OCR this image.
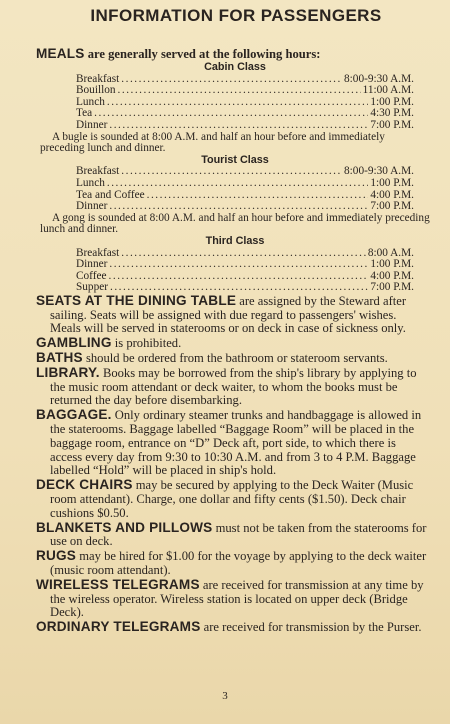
INFORMATION FOR PASSENGERS

MEALS are generally served at the following hours:

Cabin Class
Breakfast .....	8:00-9:30 A.M.
Bouillon .....	11:00 A.M.
Lunch .....	1:00 P.M.
Tea .....	4:30 P.M.
Dinner .....	7:00 P.M.

A bugle is sounded at 8:00 A.M. and half an hour before and immediately preceding lunch and dinner.

Tourist Class
Breakfast .....	8:00-9:30 A.M.
Lunch .....	1:00 P.M.
Tea and Coffee .....	4:00 P.M.
Dinner .....	7:00 P.M.

A gong is sounded at 8:00 A.M. and half an hour before and immediately preceding lunch and dinner.

Third Class
Breakfast .....	8:00 A.M.
Dinner .....	1:00 P.M.
Coffee .....	4:00 P.M.
Supper .....	7:00 P.M.

SEATS AT THE DINING TABLE are assigned by the Steward after sailing. Seats will be assigned with due regard to passengers' wishes. Meals will be served in staterooms or on deck in case of sickness only.

GAMBLING is prohibited.

BATHS should be ordered from the bathroom or stateroom servants.

LIBRARY. Books may be borrowed from the ship's library by applying to the music room attendant or deck waiter, to whom the books must be returned the day before disembarking.

BAGGAGE. Only ordinary steamer trunks and handbaggage is allowed in the staterooms. Baggage labelled “Baggage Room” will be placed in the baggage room, entrance on “D” Deck aft, port side, to which there is access every day from 9:30 to 10:30 A.M. and from 3 to 4 P.M. Baggage labelled “Hold” will be placed in ship's hold.

DECK CHAIRS may be secured by applying to the Deck Waiter (Music room attendant). Charge, one dollar and fifty cents ($1.50). Deck chair cushions $0.50.

BLANKETS AND PILLOWS must not be taken from the staterooms for use on deck.

RUGS may be hired for $1.00 for the voyage by applying to the deck waiter (music room attendant).

WIRELESS TELEGRAMS are received for transmission at any time by the wireless operator. Wireless station is located on upper deck (Bridge Deck).

ORDINARY TELEGRAMS are received for transmission by the Purser.

3
